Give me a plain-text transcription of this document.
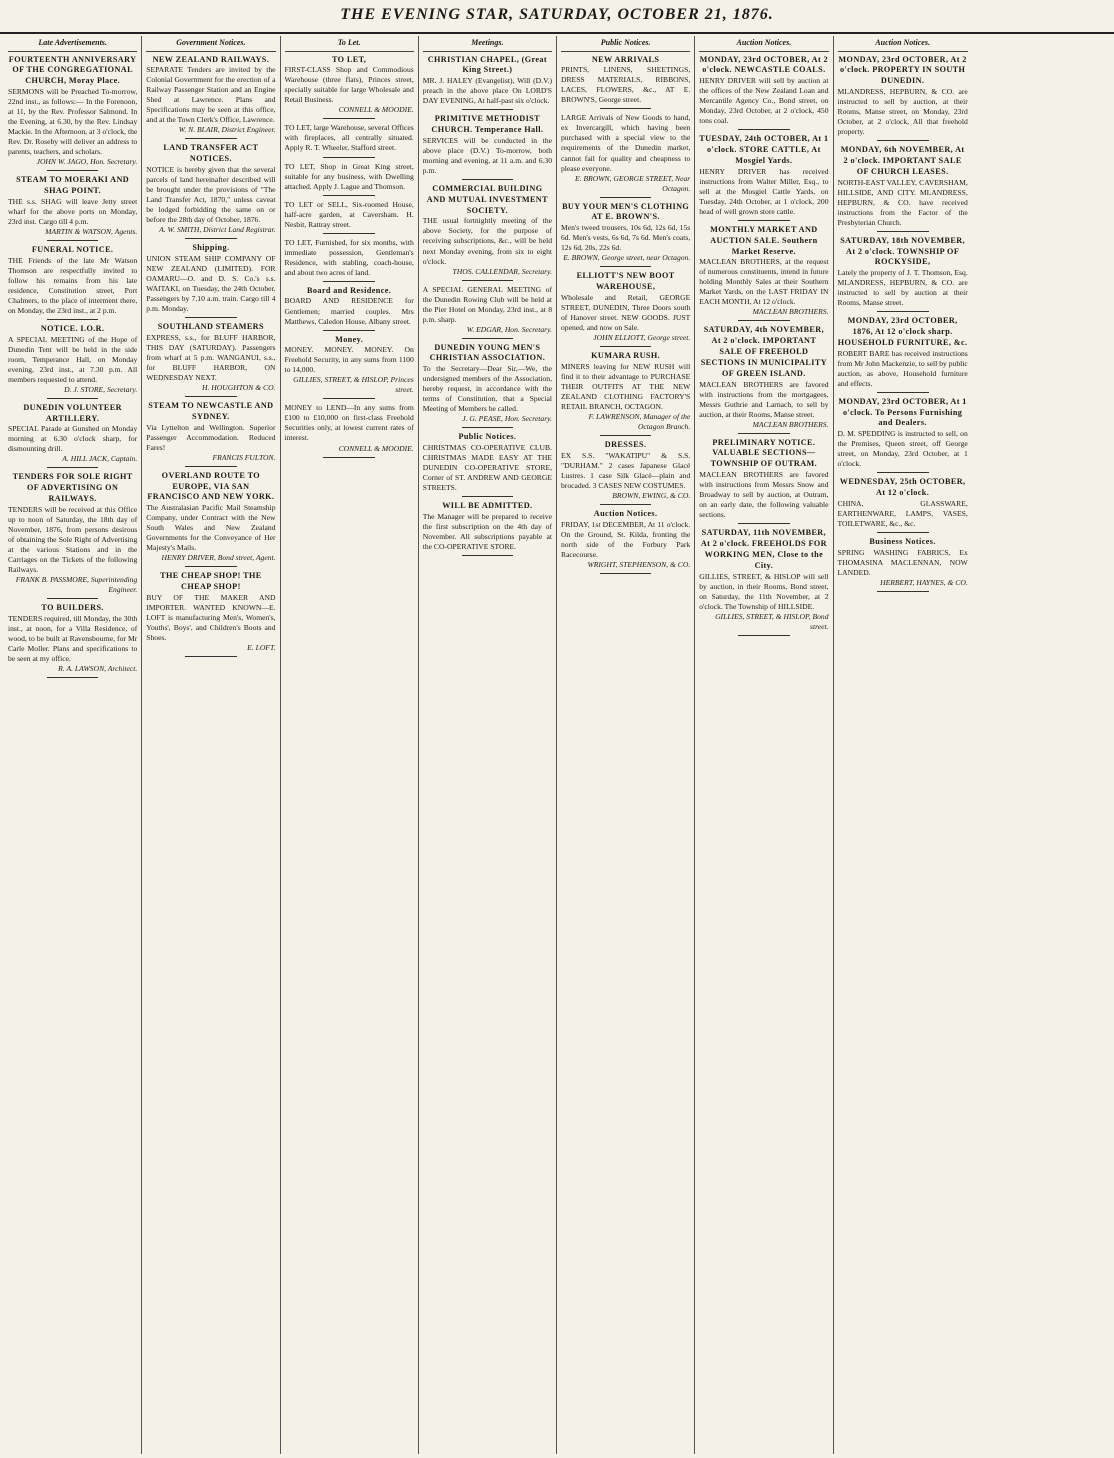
THE EVENING STAR, SATURDAY, OCTOBER 21, 1876.
Late Advertisements.
FOURTEENTH ANNIVERSARY OF THE CONGREGATIONAL CHURCH, Moray Place.
SERMONS will be Preached To-morrow, 22nd inst., as follows:— In the Forenoon, at 11, by the Rev. Professor Salmond. In the Evening, at 6.30, by the Rev. Lindsay Mackie. In the Afternoon, at 3 o'clock, the Rev. Dr. Roseby will deliver an address to parents, teachers, and scholars.
JOHN W. JAGO, Hon. Secretary.
STEAM TO MOERAKI AND SHAG POINT.
THE s.s. SHAG will leave Jetty street wharf for the above ports on Monday, 23rd inst. Cargo till 4 p.m.
MARTIN & WATSON, Agents.
FUNERAL NOTICE.
THE Friends of the late Mr Watson Thomson are respectfully invited to follow his remains from his late residence, Constitution street, Port Chalmers, to the place of interment there, on Monday, the 23rd inst., at 2 p.m.
NOTICE. I.O.R.
A SPECIAL MEETING of the Hope of Dunedin Tent will be held in the side room, Temperance Hall, on Monday evening, 23rd inst., at 7.30 p.m. All members requested to attend.
D. J. STORE, Secretary.
DUNEDIN VOLUNTEER ARTILLERY.
SPECIAL Parade at Gunshed on Monday morning at 6.30 o'clock sharp, for dismounting drill.
A. HILL JACK, Captain.
TENDERS FOR SOLE RIGHT OF ADVERTISING ON RAILWAYS.
TENDERS will be received at this Office up to noon of Saturday, the 18th day of November, 1876, from persons desirous of obtaining the Sole Right of Advertising at the various Stations and in the Carriages on the Tickets of the following Railways.
FRANK B. PASSMORE, Superintending Engineer.
TO BUILDERS.
TENDERS required, till Monday, the 30th inst., at noon, for a Villa Residence, of wood, to be built at Ravensbourne, for Mr Carle Moller. Plans and specifications to be seen at my office.
R. A. LAWSON, Architect.
Government Notices.
NEW ZEALAND RAILWAYS.
SEPARATE Tenders are invited by the Colonial Government for the erection of a Railway Passenger Station and an Engine Shed at Lawrence. Plans and Specifications may be seen at this office, and at the Town Clerk's Office, Lawrence.
W. N. BLAIR, District Engineer.
LAND TRANSFER ACT NOTICES.
NOTICE is hereby given that the several parcels of land hereinafter described will be brought under the provisions of "The Land Transfer Act, 1870," unless caveat be lodged forbidding the same on or before the 28th day of October, 1876.
A. W. SMITH, District Land Registrar.
Shipping.
UNION STEAM SHIP COMPANY OF NEW ZEALAND (LIMITED). FOR OAMARU—O. and D. S. Co.'s s.s. WAITAKI, on Tuesday, the 24th October. Passengers by 7.10 a.m. train. Cargo till 4 p.m. Monday.
SOUTHLAND STEAMERS
EXPRESS, s.s., for BLUFF HARBOR, THIS DAY (SATURDAY). Passengers from wharf at 5 p.m. WANGANUI, s.s., for BLUFF HARBOR, ON WEDNESDAY NEXT.
H. HOUGHTON & CO.
STEAM TO NEWCASTLE AND SYDNEY.
Via Lyttelton and Wellington. Superior Passenger Accommodation. Reduced Fares!
FRANCIS FULTON.
OVERLAND ROUTE TO EUROPE, VIA SAN FRANCISCO AND NEW YORK.
The Australasian Pacific Mail Steamship Company, under Contract with the New South Wales and New Zealand Governments for the Conveyance of Her Majesty's Mails.
HENRY DRIVER, Bond street, Agent.
THE CHEAP SHOP! THE CHEAP SHOP!
BUY OF THE MAKER AND IMPORTER. WANTED KNOWN—E. LOFT is manufacturing Men's, Women's, Youths', Boys', and Children's Boots and Shoes.
E. LOFT.
To Let.
TO LET,
FIRST-CLASS Shop and Commodious Warehouse (three flats), Princes street, specially suitable for large Wholesale and Retail Business.
CONNELL & MOODIE.
TO LET, large Warehouse, several Offices with fireplaces, all centrally situated. Apply R. T. Wheeler, Stafford street.
TO LET, Shop in Great King street, suitable for any business, with Dwelling attached. Apply J. Lague and Thomson.
TO LET or SELL, Six-roomed House, half-acre garden, at Caversham. H. Nesbit, Rattray street.
TO LET, Furnished, for six months, with immediate possession, Gentleman's Residence, with stabling, coach-house, and about two acres of land.
Board and Residence.
BOARD AND RESIDENCE for Gentlemen; married couples. Mrs Matthews, Caledon House, Albany street.
Money.
MONEY. MONEY. MONEY. On Freehold Security, in any sums from 1100 to 14,000.
GILLIES, STREET, & HISLOP, Princes street.
MONEY to LEND—In any sums from £100 to £10,000 on first-class Freehold Securities only, at lowest current rates of interest.
CONNELL & MOODIE.
Meetings.
CHRISTIAN CHAPEL, (Great King Street.)
MR. J. HALEY (Evangelist), Will (D.V.) preach in the above place On LORD'S DAY EVENING, At half-past six o'clock.
PRIMITIVE METHODIST CHURCH. Temperance Hall.
SERVICES will be conducted in the above place (D.V.) To-morrow, both morning and evening, at 11 a.m. and 6.30 p.m.
COMMERCIAL BUILDING AND MUTUAL INVESTMENT SOCIETY.
THE usual fortnightly meeting of the above Society, for the purpose of receiving subscriptions, &c., will be held next Monday evening, from six to eight o'clock.
THOS. CALLENDAR, Secretary.
A SPECIAL GENERAL MEETING of the Dunedin Rowing Club will be held at the Pier Hotel on Monday, 23rd inst., at 8 p.m. sharp.
W. EDGAR, Hon. Secretary.
DUNEDIN YOUNG MEN'S CHRISTIAN ASSOCIATION.
To the Secretary—Dear Sir,—We, the undersigned members of the Association, hereby request, in accordance with the terms of Constitution, that a Special Meeting of Members be called.
J. G. PEASE, Hon. Secretary.
Public Notices.
CHRISTMAS CO-OPERATIVE CLUB. CHRISTMAS MADE EASY AT THE DUNEDIN CO-OPERATIVE STORE, Corner of ST. ANDREW AND GEORGE STREETS.
WILL BE ADMITTED.
The Manager will be prepared to receive the first subscription on the 4th day of November. All subscriptions payable at the CO-OPERATIVE STORE.
Public Notices.
NEW ARRIVALS
PRINTS, LINENS, SHEETINGS, DRESS MATERIALS, RIBBONS, LACES, FLOWERS, &c., AT E. BROWN'S, George street.
LARGE Arrivals of New Goods to hand, ex Invercargill, which having been purchased with a special view to the requirements of the Dunedin market, cannot fail for quality and cheapness to please everyone.
E. BROWN, GEORGE STREET, Near Octagon.
BUY YOUR MEN'S CLOTHING AT E. BROWN'S.
Men's tweed trousers, 10s 6d, 12s 6d, 15s 6d. Men's vests, 6s 6d, 7s 6d. Men's coats, 12s 6d, 20s, 22s 6d.
E. BROWN, George street, near Octagon.
ELLIOTT'S NEW BOOT WAREHOUSE,
Wholesale and Retail, GEORGE STREET, DUNEDIN, Three Doors south of Hanover street. NEW GOODS. JUST opened, and now on Sale.
JOHN ELLIOTT, George street.
KUMARA RUSH.
MINERS leaving for NEW RUSH will find it to their advantage to PURCHASE THEIR OUTFITS AT THE NEW ZEALAND CLOTHING FACTORY'S RETAIL BRANCH, OCTAGON.
F. LAWRENSON, Manager of the Octagon Branch.
DRESSES.
EX S.S. "WAKATIPU" & S.S. "DURHAM." 2 cases Japanese Glacé Lustres. 1 case Silk Glacé—plain and brocaded. 3 CASES NEW COSTUMES.
BROWN, EWING, & CO.
Auction Notices.
FRIDAY, 1st DECEMBER, At 11 o'clock. On the Ground, St. Kilda, fronting the north side of the Forbury Park Racecourse.
WRIGHT, STEPHENSON, & CO.
Auction Notices.
MONDAY, 23rd OCTOBER, At 2 o'clock. NEWCASTLE COALS.
HENRY DRIVER will sell by auction at the offices of the New Zealand Loan and Mercantile Agency Co., Bond street, on Monday, 23rd October, at 2 o'clock, 450 tons coal.
TUESDAY, 24th OCTOBER, At 1 o'clock. STORE CATTLE, At Mosgiel Yards.
HENRY DRIVER has received instructions from Walter Miller, Esq., to sell at the Mosgiel Cattle Yards, on Tuesday, 24th October, at 1 o'clock, 200 head of well grown store cattle.
MONTHLY MARKET AND AUCTION SALE. Southern Market Reserve.
MACLEAN BROTHERS, at the request of numerous constituents, intend in future holding Monthly Sales at their Southern Market Yards, on the LAST FRIDAY IN EACH MONTH, At 12 o'clock.
MACLEAN BROTHERS.
SATURDAY, 4th NOVEMBER, At 2 o'clock. IMPORTANT SALE OF FREEHOLD SECTIONS IN MUNICIPALITY OF GREEN ISLAND.
MACLEAN BROTHERS are favored with instructions from the mortgagees, Messrs Guthrie and Larnach, to sell by auction, at their Rooms, Manse street.
MACLEAN BROTHERS.
PRELIMINARY NOTICE. VALUABLE SECTIONS—TOWNSHIP OF OUTRAM.
MACLEAN BROTHERS are favored with instructions from Messrs Snow and Broadway to sell by auction, at Outram, on an early date, the following valuable sections.
SATURDAY, 11th NOVEMBER, At 2 o'clock. FREEHOLDS FOR WORKING MEN, Close to the City.
GILLIES, STREET, & HISLOP will sell by auction, in their Rooms, Bond street, on Saturday, the 11th November, at 2 o'clock. The Township of HILLSIDE.
GILLIES, STREET, & HISLOP, Bond street.
Auction Notices.
MONDAY, 23rd OCTOBER, At 2 o'clock. PROPERTY IN SOUTH DUNEDIN.
MLANDRESS, HEPBURN, & CO. are instructed to sell by auction, at their Rooms, Manse street, on Monday, 23rd October, at 2 o'clock, All that freehold property.
MONDAY, 6th NOVEMBER, At 2 o'clock. IMPORTANT SALE OF CHURCH LEASES.
NORTH-EAST VALLEY, CAVERSHAM, HILLSIDE, AND CITY. MLANDRESS, HEPBURN, & CO. have received instructions from the Factor of the Presbyterian Church.
SATURDAY, 18th NOVEMBER, At 2 o'clock. TOWNSHIP OF ROCKYSIDE,
Lately the property of J. T. Thomson, Esq. MLANDRESS, HEPBURN, & CO. are instructed to sell by auction at their Rooms, Manse street.
MONDAY, 23rd OCTOBER, 1876, At 12 o'clock sharp. HOUSEHOLD FURNITURE, &c.
ROBERT BARE has received instructions from Mr John Mackenzie, to sell by public auction, as above, Household furniture and effects.
MONDAY, 23rd OCTOBER, At 1 o'clock. To Persons Furnishing and Dealers.
D. M. SPEDDING is instructed to sell, on the Premises, Queen street, off George street, on Monday, 23rd October, at 1 o'clock.
WEDNESDAY, 25th OCTOBER, At 12 o'clock.
CHINA, GLASSWARE, EARTHENWARE, LAMPS, VASES, TOILETWARE, &c., &c.
Business Notices.
SPRING WASHING FABRICS, Ex THOMASINA MACLENNAN, NOW LANDED.
HERBERT, HAYNES, & CO.
